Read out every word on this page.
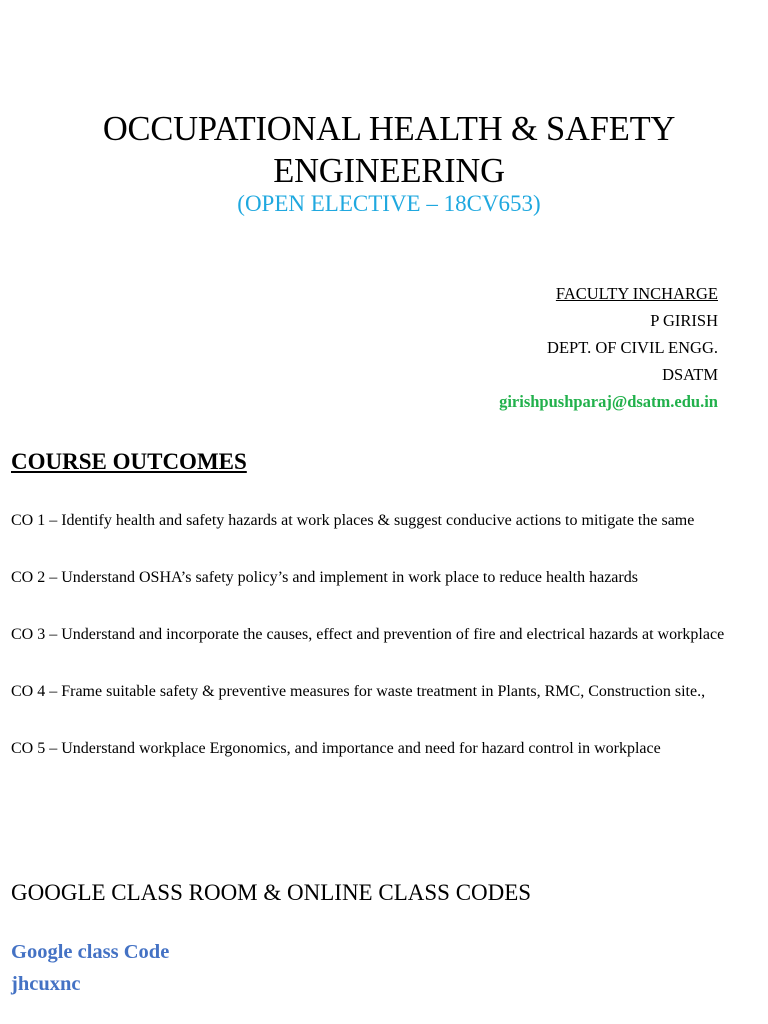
OCCUPATIONAL HEALTH & SAFETY
ENGINEERING

(OPEN ELECTIVE – 18CV653)

FACULTY INCHARGE
P GIRISH
DEPT. OF CIVIL ENGG.
DSATM
girishpushparaj@dsatm.edu.in
COURSE OUTCOMES
CO 1 – Identify health and safety hazards at work places & suggest conducive actions to mitigate the same
CO 2 – Understand OSHA’s safety policy’s and implement in work place to reduce health hazards
CO 3 – Understand and incorporate the causes, effect and prevention of fire and electrical hazards at workplace
CO 4 – Frame suitable safety & preventive measures for waste treatment in Plants, RMC, Construction site.,
CO 5 – Understand workplace Ergonomics, and importance and need for hazard control in workplace
GOOGLE CLASS ROOM & ONLINE CLASS CODES
Google class Code
jhcuxnc
